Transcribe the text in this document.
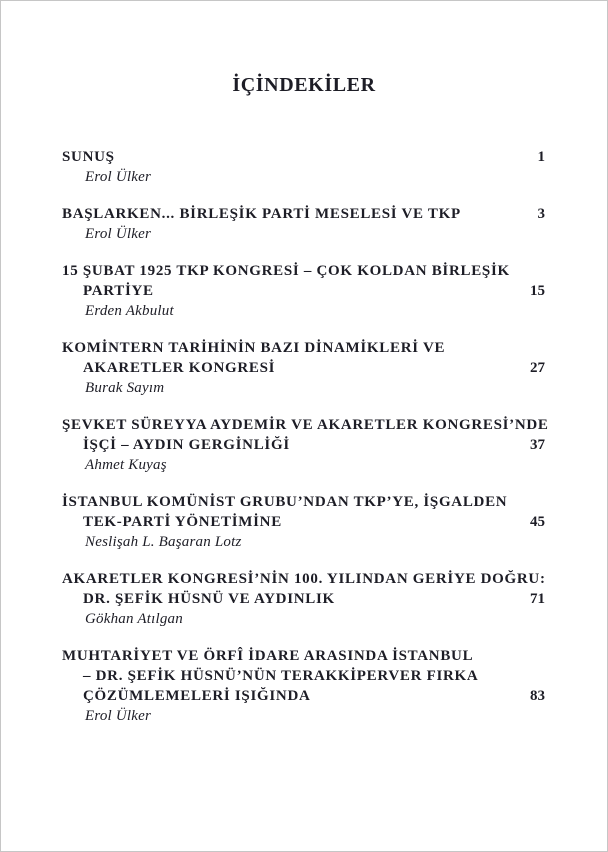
İÇİNDEKİLER
SUNUŞ	1
Erol Ülker
BAŞLARKEN... BİRLEŞİK PARTİ MESELESİ VE TKP	3
Erol Ülker
15 ŞUBAT 1925 TKP KONGRESİ – ÇOK KOLDAN BİRLEŞİK
PARTİYE	15
Erden Akbulut
KOMİNTERN TARİHİNİN BAZI DİNAMİKLERİ VE
AKARETLER KONGRESİ	27
Burak Sayım
ŞEVKET SÜREYYA AYDEMİR VE AKARETLER KONGRESİ’NDE
İŞÇİ – AYDIN GERGİNLİĞİ	37
Ahmet Kuyaş
İSTANBUL KOMÜNİST GRUBU’NDAN TKP’YE, İŞGALDEN
TEK-PARTİ YÖNETİMİNE	45
Neslişah L. Başaran Lotz
AKARETLER KONGRESİ’NİN 100. YILINDAN GERİYE DOĞRU:
DR. ŞEFİK HÜSNÜ VE AYDINLIK	71
Gökhan Atılgan
MUHTARİYET VE ÖRFÎ İDARE ARASINDA İSTANBUL
– DR. ŞEFİK HÜSNÜ’NÜN TERAKKİPERVER FIRKA
ÇÖZÜMLEMELERİ IŞIĞINDA	83
Erol Ülker
